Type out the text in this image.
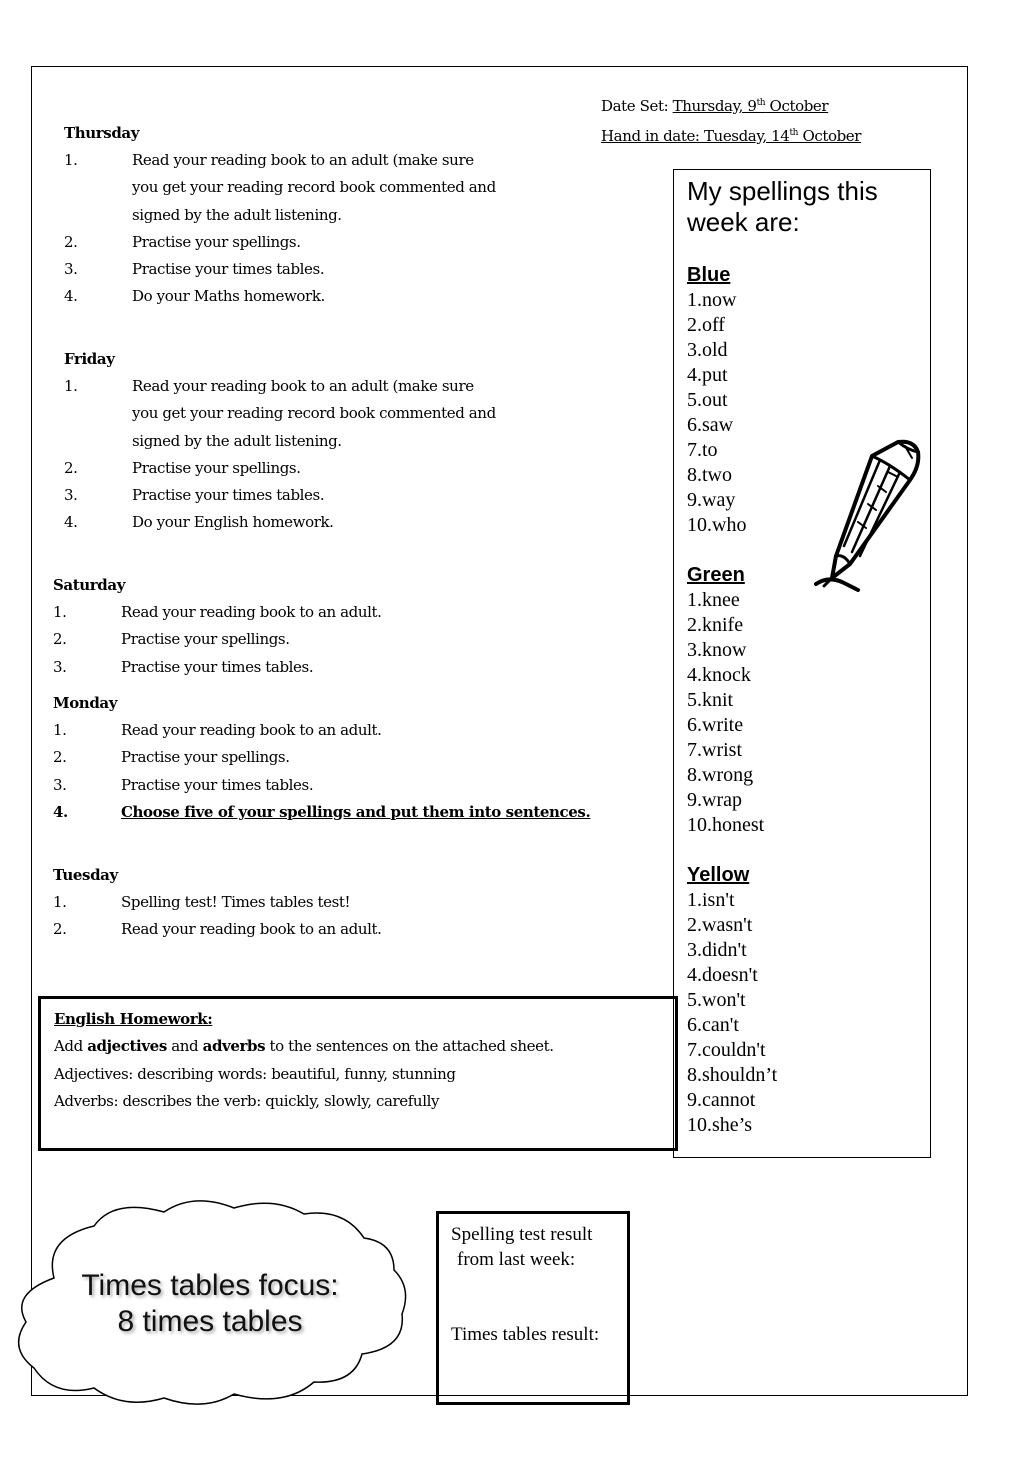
Date Set: Thursday, 9th October
Hand in date: Tuesday, 14th October
Thursday
1.	Read your reading book to an adult (make sure you get your reading record book commented and signed by the adult listening.
2.	Practise your spellings.
3.	Practise your times tables.
4.	Do your Maths homework.
Friday
1.	Read your reading book to an adult (make sure you get your reading record book commented and signed by the adult listening.
2.	Practise your spellings.
3.	Practise your times tables.
4.	Do your English homework.
Saturday
1.	Read your reading book to an adult.
2.	Practise your spellings.
3.	Practise your times tables.
Monday
1.	Read your reading book to an adult.
2.	Practise your spellings.
3.	Practise your times tables.
4.	Choose five of your spellings and put them into sentences.
Tuesday
1.	Spelling test! Times tables test!
2.	Read your reading book to an adult.
My spellings this week are:
Blue
1.now
2.off
3.old
4.put
5.out
6.saw
7.to
8.two
9.way
10.who
Green
1.knee
2.knife
3.know
4.knock
5.knit
6.write
7.wrist
8.wrong
9.wrap
10.honest
Yellow
1.isn't
2.wasn't
3.didn't
4.doesn't
5.won't
6.can't
7.couldn't
8.shouldn’t
9.cannot
10.she’s
English Homework:
Add adjectives and adverbs to the sentences on the attached sheet.
Adjectives: describing words: beautiful, funny, stunning
Adverbs: describes the verb: quickly, slowly, carefully
Times tables focus:
8 times tables
Spelling test result
from last week:
Times tables result:
